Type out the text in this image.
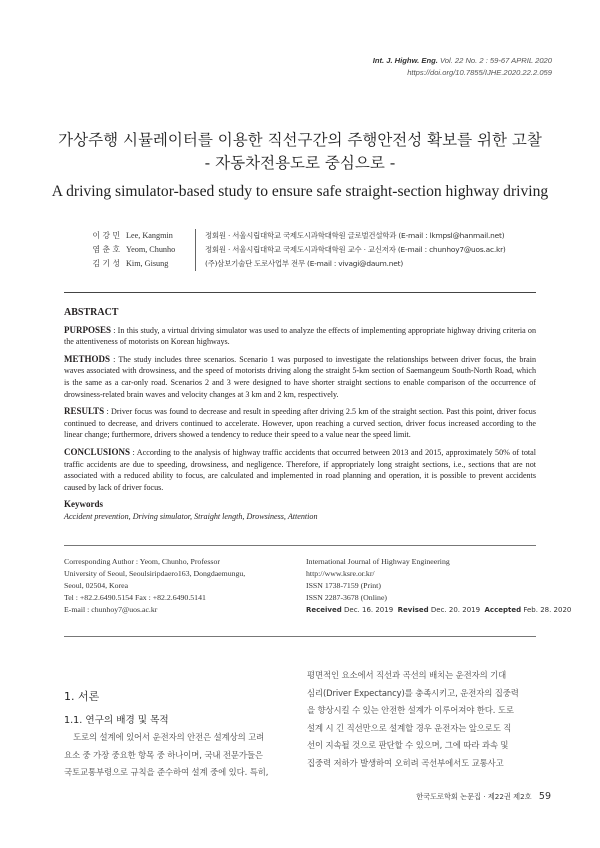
Int. J. Highw. Eng. Vol. 22 No. 2 : 59-67 APRIL 2020
https://doi.org/10.7855/IJHE.2020.22.2.059
가상주행 시뮬레이터를 이용한 직선구간의 주행안전성 확보를 위한 고찰
- 자동차전용도로 중심으로 -
A driving simulator-based study to ensure safe straight-section highway driving
이 강 민 Lee, Kangmin	정회원 · 서울시립대학교 국제도시과학대학원 글로벌건설학과 (E-mail : lkmpsl@hanmail.net)
염 춘 호 Yeom, Chunho	정회원 · 서울시립대학교 국제도시과학대학원 교수 · 교신저자 (E-mail : chunhoy7@uos.ac.kr)
김 기 성 Kim, Gisung	(주)삼보기술단 도로사업부 전무 (E-mail : vivagi@daum.net)
ABSTRACT
PURPOSES : In this study, a virtual driving simulator was used to analyze the effects of implementing appropriate highway driving criteria on the attentiveness of motorists on Korean highways.
METHODS : The study includes three scenarios. Scenario 1 was purposed to investigate the relationships between driver focus, the brain waves associated with drowsiness, and the speed of motorists driving along the straight 5-km section of Saemangeum South-North Road, which is the same as a car-only road. Scenarios 2 and 3 were designed to have shorter straight sections to enable comparison of the occurrence of drowsiness-related brain waves and velocity changes at 3 km and 2 km, respectively.
RESULTS : Driver focus was found to decrease and result in speeding after driving 2.5 km of the straight section. Past this point, driver focus continued to decrease, and drivers continued to accelerate. However, upon reaching a curved section, driver focus increased according to the linear change; furthermore, drivers showed a tendency to reduce their speed to a value near the speed limit.
CONCLUSIONS : According to the analysis of highway traffic accidents that occurred between 2013 and 2015, approximately 50% of total traffic accidents are due to speeding, drowsiness, and negligence. Therefore, if appropriately long straight sections, i.e., sections that are not associated with a reduced ability to focus, are calculated and implemented in road planning and operation, it is possible to prevent accidents caused by lack of driver focus.
Keywords
Accident prevention, Driving simulator, Straight length, Drowsiness, Attention
Corresponding Author : Yeom, Chunho, Professor
University of Seoul, Seoulsiripdaero163, Dongdaemungu,
Seoul, 02504, Korea
Tel : +82.2.6490.5154 Fax : +82.2.6490.5141
E-mail : chunhoy7@uos.ac.kr
International Journal of Highway Engineering
http://www.ksre.or.kr/
ISSN 1738-7159 (Print)
ISSN 2287-3678 (Online)
Received Dec. 16. 2019 Revised Dec. 20. 2019 Accepted Feb. 28. 2020
1. 서론
1.1. 연구의 배경 및 목적
도로의 설계에 있어서 운전자의 안전은 설계상의 고려
요소 중 가장 중요한 항목 중 하나이며, 국내 전문가들은
국토교통부령으로 규칙을 준수하여 설계 중에 있다. 특히,
평면적인 요소에서 직선과 곡선의 배치는 운전자의 기대
심리(Driver Expectancy)를 충족시키고, 운전자의 집중력
을 향상시킬 수 있는 안전한 설계가 이루어져야 한다. 도로
설계 시 긴 직선만으로 설계할 경우 운전자는 앞으로도 직
선이 지속될 것으로 판단할 수 있으며, 그에 따라 과속 및
집중력 저하가 발생하여 오히려 곡선부에서도 교통사고
한국도로학회 논문집 · 제22권 제2호 59
